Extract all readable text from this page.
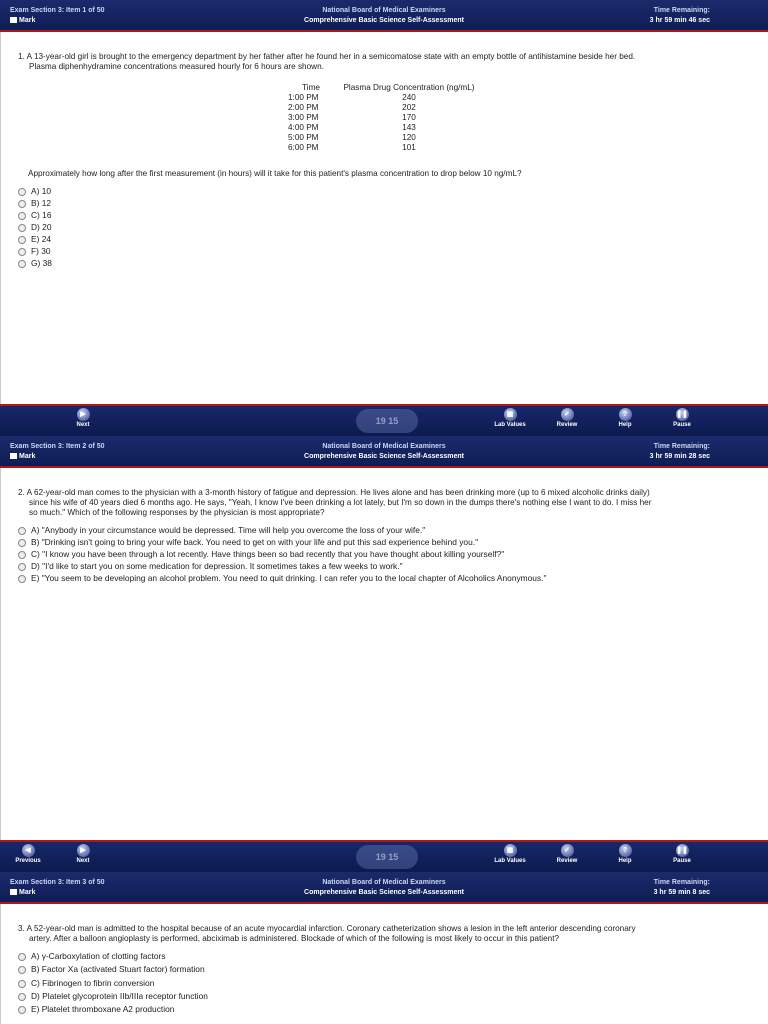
Exam Section 3: Item 1 of 50
Mark
National Board of Medical Examiners
Comprehensive Basic Science Self-Assessment
Time Remaining:
3 hr 59 min 46 sec
1. A 13-year-old girl is brought to the emergency department by her father after he found her in a semicomatose state with an empty bottle of antihistamine beside her bed.
Plasma diphenhydramine concentrations measured hourly for 6 hours are shown.
Time	Plasma Drug Concentration (ng/mL)
1:00 PM	240
2:00 PM	202
3:00 PM	170
4:00 PM	143
5:00 PM	120
6:00 PM	101
Approximately how long after the first measurement (in hours) will it take for this patient's plasma concentration to drop below 10 ng/mL?
A) 10
B) 12
C) 16
D) 20
E) 24
F) 30
G) 38
▶
Next	19 15
▦
Lab Values
✓
Review
?
Help
❚❚
Pause
Exam Section 3: Item 2 of 50
Mark
National Board of Medical Examiners
Comprehensive Basic Science Self-Assessment
Time Remaining:
3 hr 59 min 28 sec
2. A 62-year-old man comes to the physician with a 3-month history of fatigue and depression. He lives alone and has been drinking more (up to 6 mixed alcoholic drinks daily)
since his wife of 40 years died 6 months ago. He says, "Yeah, I know I've been drinking a lot lately, but I'm so down in the dumps there's nothing else I want to do. I miss her
so much." Which of the following responses by the physician is most appropriate?
A) "Anybody in your circumstance would be depressed. Time will help you overcome the loss of your wife."
B) "Drinking isn't going to bring your wife back. You need to get on with your life and put this sad experience behind you."
C) "I know you have been through a lot recently. Have things been so bad recently that you have thought about killing yourself?"
D) "I'd like to start you on some medication for depression. It sometimes takes a few weeks to work."
E) "You seem to be developing an alcohol problem. You need to quit drinking. I can refer you to the local chapter of Alcoholics Anonymous."
◀
Previous
▶
Next	19 15
▦
Lab Values
✓
Review
?
Help
❚❚
Pause
Exam Section 3: Item 3 of 50
Mark
National Board of Medical Examiners
Comprehensive Basic Science Self-Assessment
Time Remaining:
3 hr 59 min 8 sec
3. A 52-year-old man is admitted to the hospital because of an acute myocardial infarction. Coronary catheterization shows a lesion in the left anterior descending coronary
artery. After a balloon angioplasty is performed, abciximab is administered. Blockade of which of the following is most likely to occur in this patient?
A) γ-Carboxylation of clotting factors
B) Factor Xa (activated Stuart factor) formation
C) Fibrinogen to fibrin conversion
D) Platelet glycoprotein IIb/IIIa receptor function
E) Platelet thromboxane A2 production
